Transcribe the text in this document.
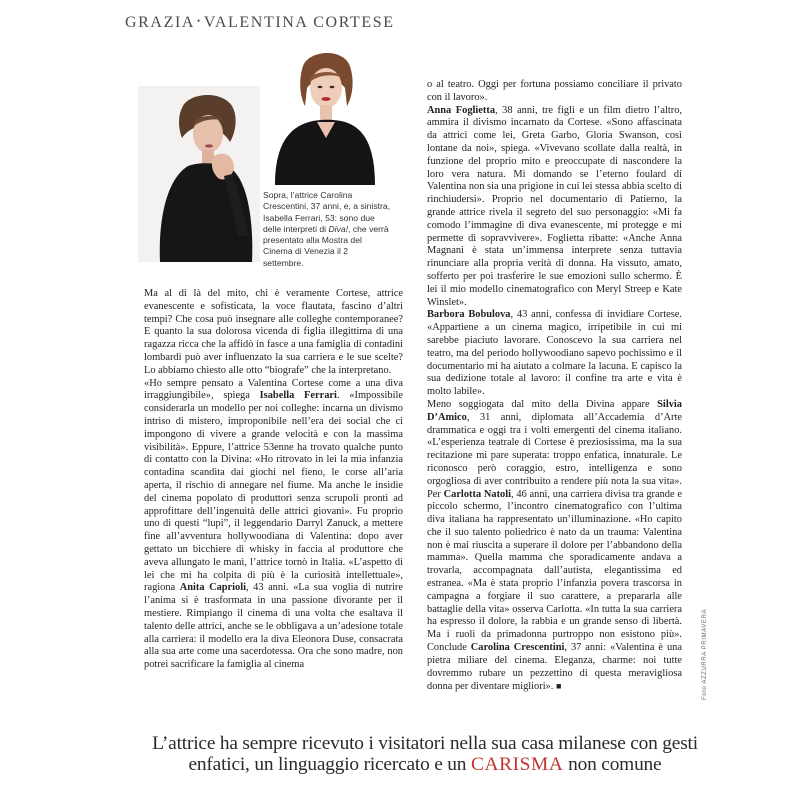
GRAZIA • VALENTINA CORTESE

Sopra, l’attrice Carolina Crescentini, 37 anni, e, a sinistra, Isabella Ferrari, 53: sono due delle interpreti di Diva!, che verrà presentato alla Mostra del Cinema di Venezia il 2 settembre.

Ma al di là del mito, chi è veramente Cortese, attrice evanescente e sofisticata, la voce flautata, fascino d’altri tempi? Che cosa può insegnare alle colleghe contemporanee? E quanto la sua dolorosa vicenda di figlia illegittima di una ragazza ricca che la affidò in fasce a una famiglia di contadini lombardi può aver influenzato la sua carriera e le sue scelte? Lo abbiamo chiesto alle otto “biografe” che la interpretano.

«Ho sempre pensato a Valentina Cortese come a una diva irraggiungibile», spiega Isabella Ferrari. «Impossibile considerarla un modello per noi colleghe: incarna un divismo intriso di mistero, improponibile nell’era dei social che ci impongono di vivere a grande velocità e con la massima visibilità». Eppure, l’attrice 53enne ha trovato qualche punto di contatto con la Divina: «Ho ritrovato in lei la mia infanzia contadina scandita dai giochi nel fieno, le corse all’aria aperta, il rischio di annegare nel fiume. Ma anche le insidie del cinema popolato di produttori senza scrupoli pronti ad approfittare dell’ingenuità delle attrici giovani». Fu proprio uno di questi “lupi”, il leggendario Darryl Zanuck, a mettere fine all’avventura hollywoodiana di Valentina: dopo aver gettato un bicchiere di whisky in faccia al produttore che aveva allungato le mani, l’attrice tornò in Italia. «L’aspetto di lei che mi ha colpita di più è la curiosità intellettuale», ragiona Anita Caprioli, 43 anni. «La sua voglia di nutrire l’anima si è trasformata in una passione divorante per il mestiere. Rimpiango il cinema di una volta che esaltava il talento delle attrici, anche se le obbligava a un’adesione totale alla carriera: il modello era la diva Eleonora Duse, consacrata alla sua arte come una sacerdotessa. Ora che sono madre, non potrei sacrificare la famiglia al cinema

o al teatro. Oggi per fortuna possiamo conciliare il privato con il lavoro».

Anna Foglietta, 38 anni, tre figli e un film dietro l’altro, ammira il divismo incarnato da Cortese. «Sono affascinata da attrici come lei, Greta Garbo, Gloria Swanson, così lontane da noi», spiega. «Vivevano scollate dalla realtà, in funzione del proprio mito e preoccupate di nascondere la loro vera natura. Mi domando se l’eterno foulard di Valentina non sia una prigione in cui lei stessa abbia scelto di rinchiudersi». Proprio nel documentario di Patierno, la grande attrice rivela il segreto del suo personaggio: «Mi fa comodo l’immagine di diva evanescente, mi protegge e mi permette di sopravvivere». Foglietta ribatte: «Anche Anna Magnani è stata un’immensa interprete senza tuttavia rinunciare alla propria verità di donna. Ha vissuto, amato, sofferto per poi trasferire le sue emozioni sullo schermo. È lei il mio modello cinematografico con Meryl Streep e Kate Winslet».

Barbora Bobulova, 43 anni, confessa di invidiare Cortese. «Appartiene a un cinema magico, irripetibile in cui mi sarebbe piaciuto lavorare. Conoscevo la sua carriera nel teatro, ma del periodo hollywoodiano sapevo pochissimo e il documentario mi ha aiutato a colmare la lacuna. E capisco la sua dedizione totale al lavoro: il confine tra arte e vita è molto labile».

Meno soggiogata dal mito della Divina appare Silvia D’Amico, 31 anni, diplomata all’Accademia d’Arte drammatica e oggi tra i volti emergenti del cinema italiano. «L’esperienza teatrale di Cortese è preziosissima, ma la sua recitazione mi pare superata: troppo enfatica, innaturale. Le riconosco però coraggio, estro, intelligenza e sono orgogliosa di aver contribuito a rendere più nota la sua vita». Per Carlotta Natoli, 46 anni, una carriera divisa tra grande e piccolo schermo, l’incontro cinematografico con l’ultima diva italiana ha rappresentato un’illuminazione. «Ho capito che il suo talento poliedrico è nato da un trauma: Valentina non è mai riuscita a superare il dolore per l’abbandono della mamma». Quella mamma che sporadicamente andava a trovarla, accompagnata dall’autista, elegantissima ed estranea. «Ma è stata proprio l’infanzia povera trascorsa in campagna a forgiare il suo carattere, a prepararla alle battaglie della vita» osserva Carlotta. «In tutta la sua carriera ha espresso il dolore, la rabbia e un grande senso di libertà. Ma i ruoli da primadonna purtroppo non esistono più». Conclude Carolina Crescentini, 37 anni: «Valentina è una pietra miliare del cinema. Eleganza, charme: noi tutte dovremmo rubare un pezzettino di questa meravigliosa donna per diventare migliori». ■

L’attrice ha sempre ricevuto i visitatori nella sua casa milanese con gesti
enfatici, un linguaggio ricercato e un CARISMA non comune
Foto AZZURRA PRIMAVERA
